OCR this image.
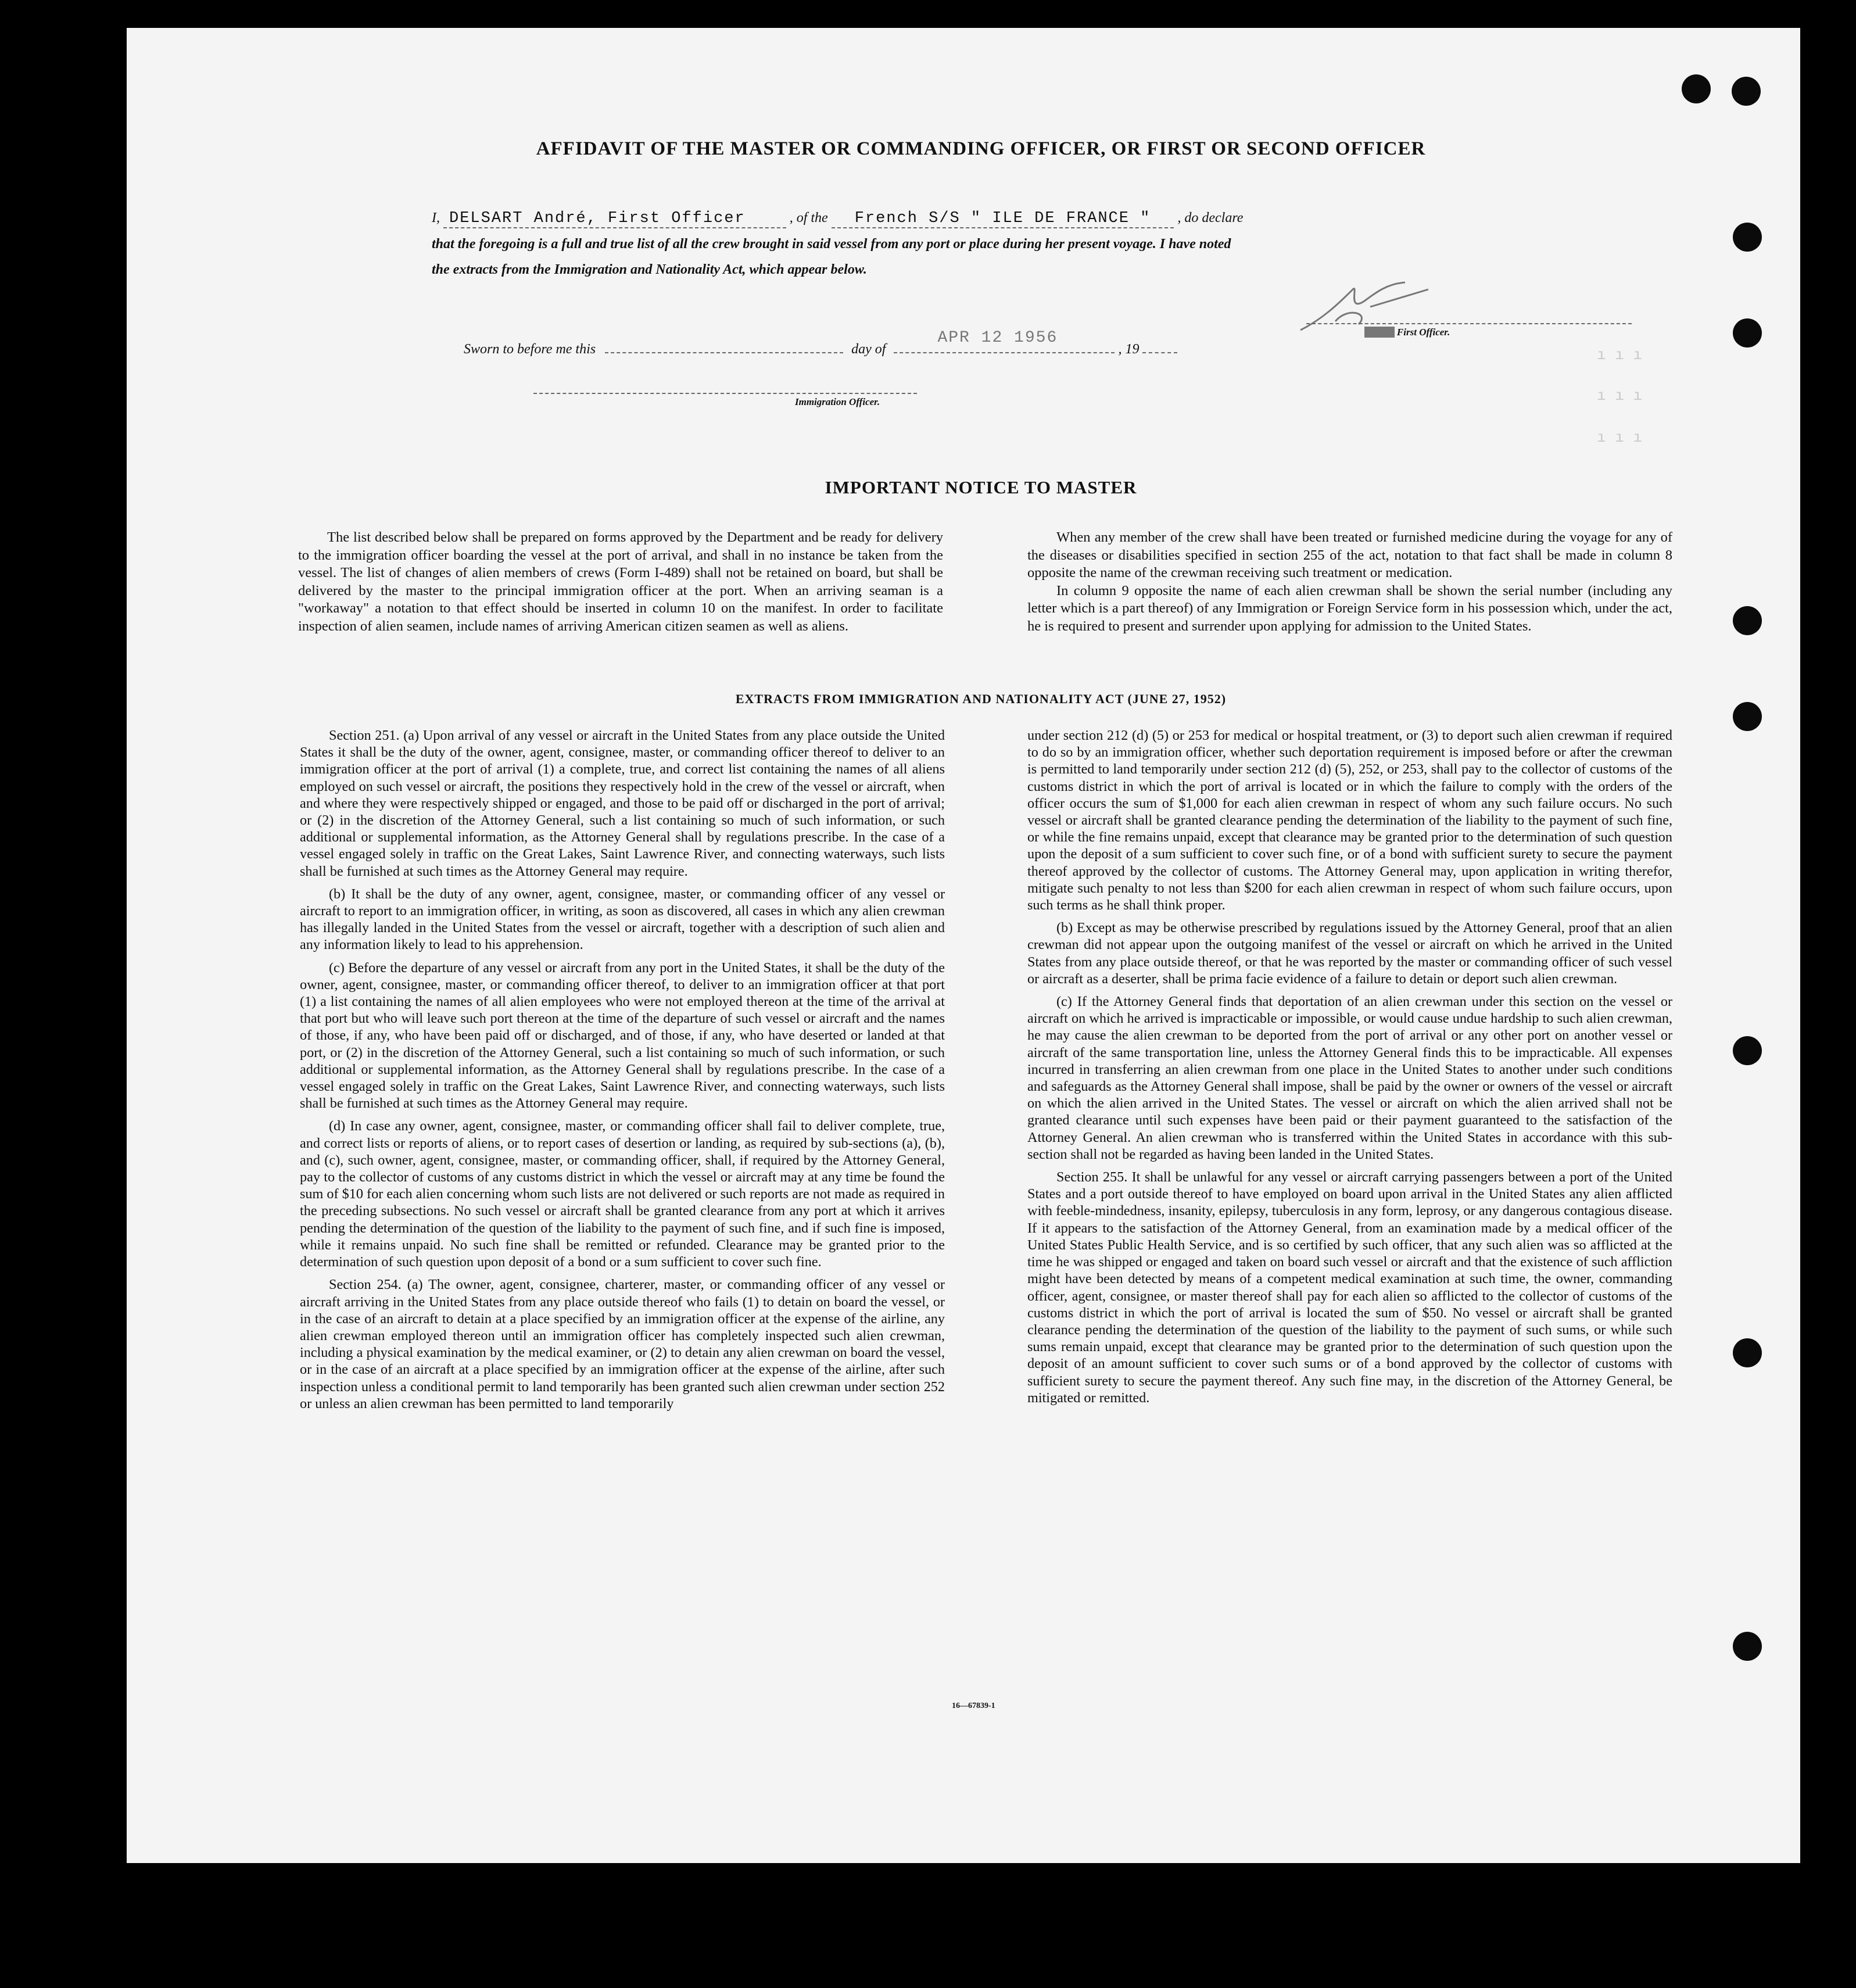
ı ı ı
ı ı ı
ı ı ı
AFFIDAVIT OF THE MASTER OR COMMANDING OFFICER, OR FIRST OR SECOND OFFICER
I, DELSART André, First Officer	, of the French S/S " ILE DE FRANCE " , do declare
that the foregoing is a full and true list of all the crew brought in said vessel from any port or place during her present voyage. I have noted
the extracts from the Immigration and Nationality Act, which appear below.
Master First Officer.
Sworn to before me this	day of
APR 12 1956
, 19
Immigration Officer.
IMPORTANT NOTICE TO MASTER

The list described below shall be prepared on forms approved by the Department and be ready for delivery to the immigration officer boarding the vessel at the port of arrival, and shall in no instance be taken from the vessel. The list of changes of alien members of crews (Form I-489) shall not be retained on board, but shall be delivered by the master to the principal immigration officer at the port. When an arriving seaman is a "workaway" a notation to that effect should be inserted in column 10 on the manifest. In order to facilitate inspection of alien seamen, include names of arriving American citizen seamen as well as aliens.

When any member of the crew shall have been treated or furnished medicine during the voyage for any of the diseases or disabilities specified in section 255 of the act, notation to that fact shall be made in column 8 opposite the name of the crewman receiving such treatment or medication.

In column 9 opposite the name of each alien crewman shall be shown the serial number (including any letter which is a part thereof) of any Immigration or Foreign Service form in his possession which, under the act, he is required to present and surrender upon applying for admission to the United States.

EXTRACTS FROM IMMIGRATION AND NATIONALITY ACT (JUNE 27, 1952)

Section 251. (a) Upon arrival of any vessel or aircraft in the United States from any place outside the United States it shall be the duty of the owner, agent, consignee, master, or commanding officer thereof to deliver to an immigration officer at the port of arrival (1) a complete, true, and correct list containing the names of all aliens employed on such vessel or aircraft, the positions they respectively hold in the crew of the vessel or aircraft, when and where they were respectively shipped or engaged, and those to be paid off or discharged in the port of arrival; or (2) in the discretion of the Attorney General, such a list containing so much of such information, or such additional or supplemental information, as the Attorney General shall by regulations prescribe. In the case of a vessel engaged solely in traffic on the Great Lakes, Saint Lawrence River, and connecting waterways, such lists shall be furnished at such times as the Attorney General may require.

(b) It shall be the duty of any owner, agent, consignee, master, or commanding officer of any vessel or aircraft to report to an immigration officer, in writing, as soon as discovered, all cases in which any alien crewman has illegally landed in the United States from the vessel or aircraft, together with a description of such alien and any information likely to lead to his apprehension.

(c) Before the departure of any vessel or aircraft from any port in the United States, it shall be the duty of the owner, agent, consignee, master, or commanding officer thereof, to deliver to an immigration officer at that port (1) a list containing the names of all alien employees who were not employed thereon at the time of the arrival at that port but who will leave such port thereon at the time of the departure of such vessel or aircraft and the names of those, if any, who have been paid off or discharged, and of those, if any, who have deserted or landed at that port, or (2) in the discretion of the Attorney General, such a list containing so much of such information, or such additional or supplemental information, as the Attorney General shall by regulations prescribe. In the case of a vessel engaged solely in traffic on the Great Lakes, Saint Lawrence River, and connecting waterways, such lists shall be furnished at such times as the Attorney General may require.

(d) In case any owner, agent, consignee, master, or commanding officer shall fail to deliver complete, true, and correct lists or reports of aliens, or to report cases of desertion or landing, as required by sub-sections (a), (b), and (c), such owner, agent, consignee, master, or commanding officer, shall, if required by the Attorney General, pay to the collector of customs of any customs district in which the vessel or aircraft may at any time be found the sum of $10 for each alien concerning whom such lists are not delivered or such reports are not made as required in the preceding subsections. No such vessel or aircraft shall be granted clearance from any port at which it arrives pending the determination of the question of the liability to the payment of such fine, and if such fine is imposed, while it remains unpaid. No such fine shall be remitted or refunded. Clearance may be granted prior to the determination of such question upon deposit of a bond or a sum sufficient to cover such fine.

Section 254. (a) The owner, agent, consignee, charterer, master, or commanding officer of any vessel or aircraft arriving in the United States from any place outside thereof who fails (1) to detain on board the vessel, or in the case of an aircraft to detain at a place specified by an immigration officer at the expense of the airline, any alien crewman employed thereon until an immigration officer has completely inspected such alien crewman, including a physical examination by the medical examiner, or (2) to detain any alien crewman on board the vessel, or in the case of an aircraft at a place specified by an immigration officer at the expense of the airline, after such inspection unless a conditional permit to land temporarily has been granted such alien crewman under section 252 or unless an alien crewman has been permitted to land temporarily

under section 212 (d) (5) or 253 for medical or hospital treatment, or (3) to deport such alien crewman if required to do so by an immigration officer, whether such deportation requirement is imposed before or after the crewman is permitted to land temporarily under section 212 (d) (5), 252, or 253, shall pay to the collector of customs of the customs district in which the port of arrival is located or in which the failure to comply with the orders of the officer occurs the sum of $1,000 for each alien crewman in respect of whom any such failure occurs. No such vessel or aircraft shall be granted clearance pending the determination of the liability to the payment of such fine, or while the fine remains unpaid, except that clearance may be granted prior to the determination of such question upon the deposit of a sum sufficient to cover such fine, or of a bond with sufficient surety to secure the payment thereof approved by the collector of customs. The Attorney General may, upon application in writing therefor, mitigate such penalty to not less than $200 for each alien crewman in respect of whom such failure occurs, upon such terms as he shall think proper.

(b) Except as may be otherwise prescribed by regulations issued by the Attorney General, proof that an alien crewman did not appear upon the outgoing manifest of the vessel or aircraft on which he arrived in the United States from any place outside thereof, or that he was reported by the master or commanding officer of such vessel or aircraft as a deserter, shall be prima facie evidence of a failure to detain or deport such alien crewman.

(c) If the Attorney General finds that deportation of an alien crewman under this section on the vessel or aircraft on which he arrived is impracticable or impossible, or would cause undue hardship to such alien crewman, he may cause the alien crewman to be deported from the port of arrival or any other port on another vessel or aircraft of the same transportation line, unless the Attorney General finds this to be impracticable. All expenses incurred in transferring an alien crewman from one place in the United States to another under such conditions and safeguards as the Attorney General shall impose, shall be paid by the owner or owners of the vessel or aircraft on which the alien arrived in the United States. The vessel or aircraft on which the alien arrived shall not be granted clearance until such expenses have been paid or their payment guaranteed to the satisfaction of the Attorney General. An alien crewman who is transferred within the United States in accordance with this sub-section shall not be regarded as having been landed in the United States.

Section 255. It shall be unlawful for any vessel or aircraft carrying passengers between a port of the United States and a port outside thereof to have employed on board upon arrival in the United States any alien afflicted with feeble-mindedness, insanity, epilepsy, tuberculosis in any form, leprosy, or any dangerous contagious disease. If it appears to the satisfaction of the Attorney General, from an examination made by a medical officer of the United States Public Health Service, and is so certified by such officer, that any such alien was so afflicted at the time he was shipped or engaged and taken on board such vessel or aircraft and that the existence of such affliction might have been detected by means of a competent medical examination at such time, the owner, commanding officer, agent, consignee, or master thereof shall pay for each alien so afflicted to the collector of customs of the customs district in which the port of arrival is located the sum of $50. No vessel or aircraft shall be granted clearance pending the determination of the question of the liability to the payment of such sums, or while such sums remain unpaid, except that clearance may be granted prior to the determination of such question upon the deposit of an amount sufficient to cover such sums or of a bond approved by the collector of customs with sufficient surety to secure the payment thereof. Any such fine may, in the discretion of the Attorney General, be mitigated or remitted.

16—67839-1
